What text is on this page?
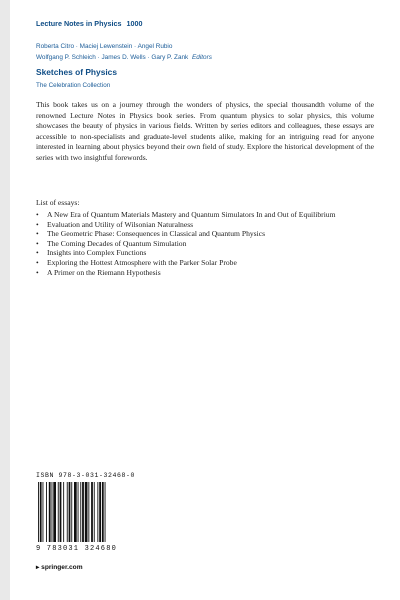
Lecture Notes in Physics 1000
Roberta Citro · Maciej Lewenstein · Angel Rubio
Wolfgang P. Schleich · James D. Wells · Gary P. Zank Editors
Sketches of Physics
The Celebration Collection
This book takes us on a journey through the wonders of physics, the special thousandth volume of the renowned Lecture Notes in Physics book series. From quantum physics to solar physics, this volume showcases the beauty of physics in various fields. Written by series editors and colleagues, these essays are accessible to non-specialists and graduate-level students alike, making for an intriguing read for anyone interested in learning about physics beyond their own field of study. Explore the historical development of the series with two insightful forewords.
List of essays:
• A New Era of Quantum Materials Mastery and Quantum Simulators In and Out of Equilibrium
• Evaluation and Utility of Wilsonian Naturalness
• The Geometric Phase: Consequences in Classical and Quantum Physics
• The Coming Decades of Quantum Simulation
• Insights into Complex Functions
• Exploring the Hottest Atmosphere with the Parker Solar Probe
• A Primer on the Riemann Hypothesis
ISBN 978-3-031-32468-0
9 783031 324680
▸ springer.com
